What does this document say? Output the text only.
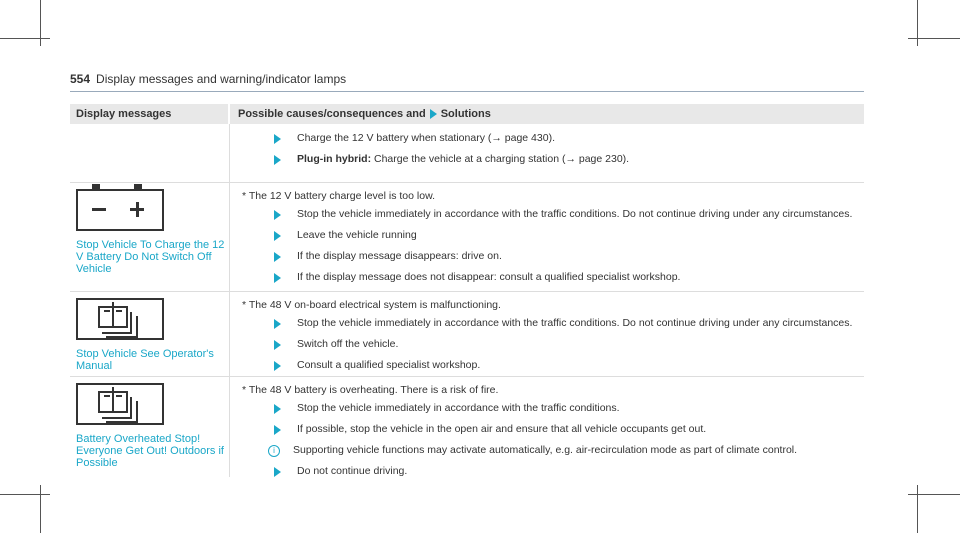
554 Display messages and warning/indicator lamps
Display messages	Possible causes/consequences and Solutions
Charge the 12 V battery when stationary (→ page 430).
Plug-in hybrid: Charge the vehicle at a charging station (→ page 230).
Stop Vehicle To Charge the 12 V Battery Do Not Switch Off Vehicle
* The 12 V battery charge level is too low.
Stop the vehicle immediately in accordance with the traffic conditions. Do not continue driving under any circumstances.
Leave the vehicle running
If the display message disappears: drive on.
If the display message does not disappear: consult a qualified specialist workshop.
Stop Vehicle See Operator's Manual
* The 48 V on-board electrical system is malfunctioning.
Stop the vehicle immediately in accordance with the traffic conditions. Do not continue driving under any circumstances.
Switch off the vehicle.
Consult a qualified specialist workshop.
Battery Overheated Stop! Everyone Get Out! Outdoors if Possible
* The 48 V battery is overheating. There is a risk of fire.
Stop the vehicle immediately in accordance with the traffic conditions.
If possible, stop the vehicle in the open air and ensure that all vehicle occupants get out.
i	Supporting vehicle functions may activate automatically, e.g. air-recirculation mode as part of climate control.
Do not continue driving.
